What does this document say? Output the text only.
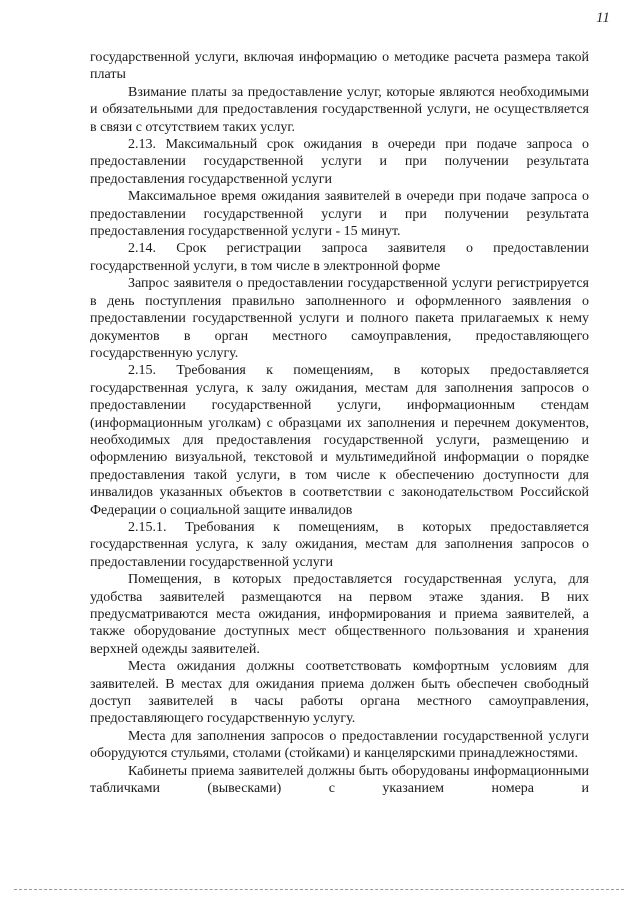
11

государственной услуги, включая информацию о методике расчета размера такой платы

Взимание платы за предоставление услуг, которые являются необходимыми и обязательными для предоставления государственной услуги, не осуществляется в связи с отсутствием таких услуг.

2.13. Максимальный срок ожидания в очереди при подаче запроса о предоставлении государственной услуги и при получении результата предоставления государственной услуги

Максимальное время ожидания заявителей в очереди при подаче запроса о предоставлении государственной услуги и при получении результата предоставления государственной услуги - 15 минут.

2.14. Срок регистрации запроса заявителя о предоставлении государственной услуги, в том числе в электронной форме

Запрос заявителя о предоставлении государственной услуги регистрируется в день поступления правильно заполненного и оформленного заявления о предоставлении государственной услуги и полного пакета прилагаемых к нему документов в орган местного самоуправления, предоставляющего государственную услугу.

2.15. Требования к помещениям, в которых предоставляется государственная услуга, к залу ожидания, местам для заполнения запросов о предоставлении государственной услуги, информационным стендам (информационным уголкам) с образцами их заполнения и перечнем документов, необходимых для предоставления государственной услуги, размещению и оформлению визуальной, текстовой и мультимедийной информации о порядке предоставления такой услуги, в том числе к обеспечению доступности для инвалидов указанных объектов в соответствии с законодательством Российской Федерации о социальной защите инвалидов

2.15.1. Требования к помещениям, в которых предоставляется государственная услуга, к залу ожидания, местам для заполнения запросов о предоставлении государственной услуги

Помещения, в которых предоставляется государственная услуга, для удобства заявителей размещаются на первом этаже здания. В них предусматриваются места ожидания, информирования и приема заявителей, а также оборудование доступных мест общественного пользования и хранения верхней одежды заявителей.

Места ожидания должны соответствовать комфортным условиям для заявителей. В местах для ожидания приема должен быть обеспечен свободный доступ заявителей в часы работы органа местного самоуправления, предоставляющего государственную услугу.

Места для заполнения запросов о предоставлении государственной услуги оборудуются стульями, столами (стойками) и канцелярскими принадлежностями.

Кабинеты приема заявителей должны быть оборудованы информационными табличками (вывесками) с указанием номера и
